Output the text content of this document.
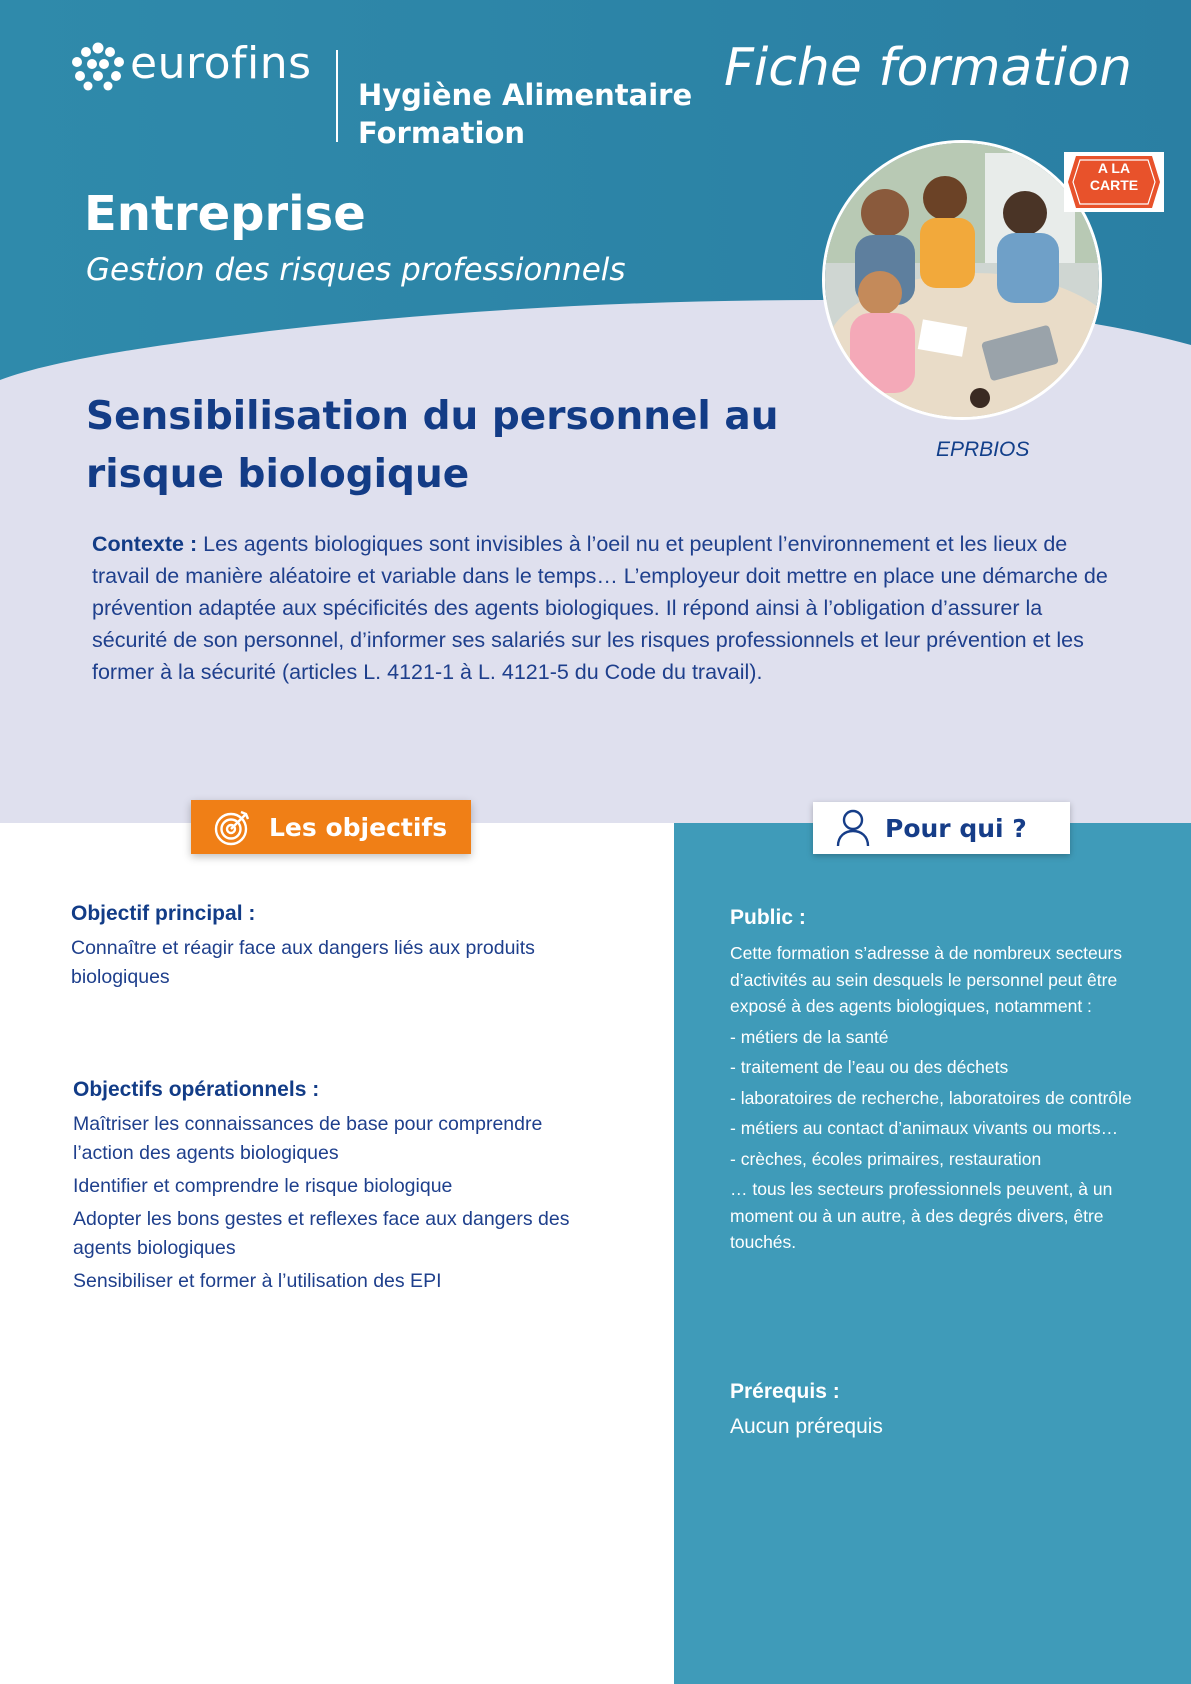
eurofins
Hygiène Alimentaire
Formation
Fiche formation
Entreprise
Gestion des risques professionnels
A LA
CARTE
EPRBIOS
Sensibilisation du personnel au risque biologique
Contexte : Les agents biologiques sont invisibles à l’oeil nu et peuplent l’environnement et les lieux de travail de manière aléatoire et variable dans le temps… L’employeur doit mettre en place une démarche de prévention adaptée aux spécificités des agents biologiques. Il répond ainsi à l’obligation d’assurer la sécurité de son personnel, d’informer ses salariés sur les risques professionnels et leur prévention et les former à la sécurité (articles L. 4121-1 à L. 4121-5 du Code du travail).
Les objectifs	Pour qui ?
Objectif principal :
Connaître et réagir face aux dangers liés aux produits biologiques
Objectifs opérationnels :
Maîtriser les connaissances de base pour comprendre l’action des agents biologiques
Identifier et comprendre le risque biologique
Adopter les bons gestes et reflexes face aux dangers des agents biologiques
Sensibiliser et former à l’utilisation des EPI
Public :
Cette formation s’adresse à de nombreux secteurs d’activités au sein desquels le personnel peut être exposé à des agents biologiques, notamment :
- métiers de la santé
- traitement de l’eau ou des déchets
- laboratoires de recherche, laboratoires de contrôle
- métiers au contact d’animaux vivants ou morts…
- crèches, écoles primaires, restauration
… tous les secteurs professionnels peuvent, à un moment ou à un autre, à des degrés divers, être touchés.
Prérequis :
Aucun prérequis
